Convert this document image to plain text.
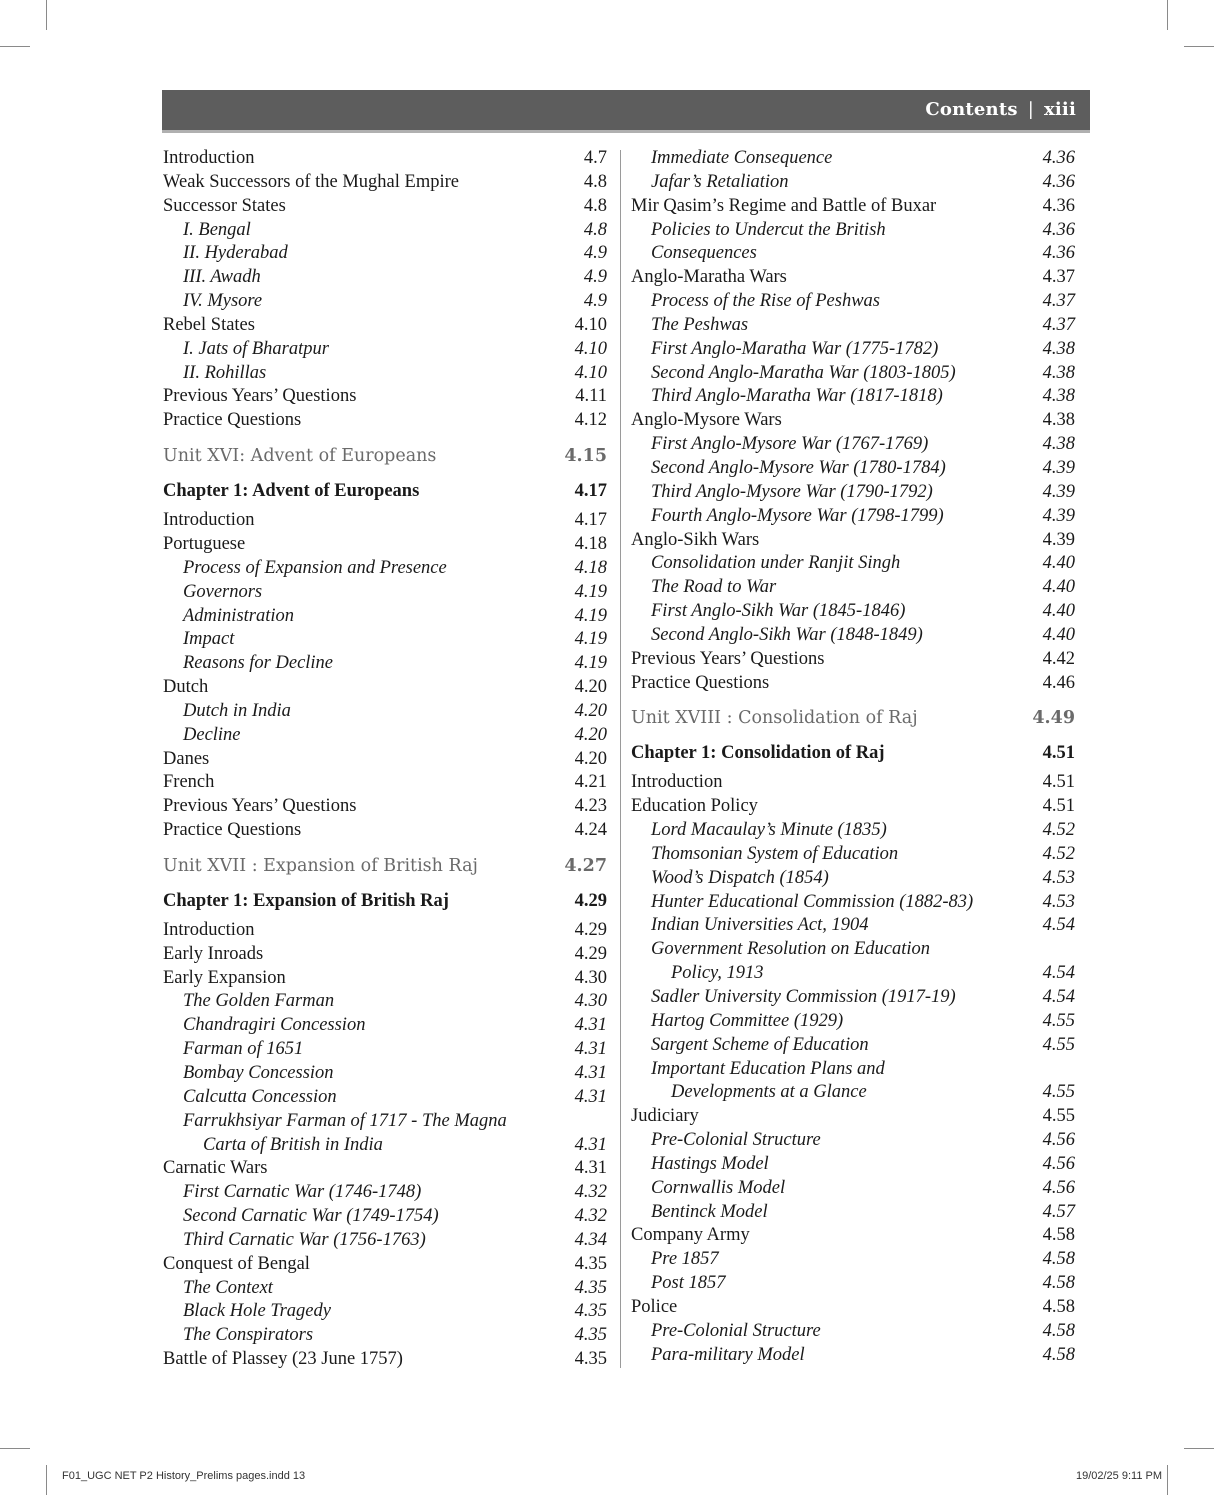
Contents | xiii
Introduction	4.7
Weak Successors of the Mughal Empire	4.8
Successor States	4.8
I. Bengal	4.8
II. Hyderabad	4.9
III. Awadh	4.9
IV. Mysore	4.9
Rebel States	4.10
I. Jats of Bharatpur	4.10
II. Rohillas	4.10
Previous Years’ Questions	4.11
Practice Questions	4.12
Unit XVI: Advent of Europeans	4.15
Chapter 1: Advent of Europeans	4.17
Introduction	4.17
Portuguese	4.18
Process of Expansion and Presence	4.18
Governors	4.19
Administration	4.19
Impact	4.19
Reasons for Decline	4.19
Dutch	4.20
Dutch in India	4.20
Decline	4.20
Danes	4.20
French	4.21
Previous Years’ Questions	4.23
Practice Questions	4.24
Unit XVII : Expansion of British Raj	4.27
Chapter 1: Expansion of British Raj	4.29
Introduction	4.29
Early Inroads	4.29
Early Expansion	4.30
The Golden Farman	4.30
Chandragiri Concession	4.31
Farman of 1651	4.31
Bombay Concession	4.31
Calcutta Concession	4.31
Farrukhsiyar Farman of 1717 - The Magna
Carta of British in India	4.31
Carnatic Wars	4.31
First Carnatic War (1746-1748)	4.32
Second Carnatic War (1749-1754)	4.32
Third Carnatic War (1756-1763)	4.34
Conquest of Bengal	4.35
The Context	4.35
Black Hole Tragedy	4.35
The Conspirators	4.35
Battle of Plassey (23 June 1757)	4.35
Immediate Consequence	4.36
Jafar’s Retaliation	4.36
Mir Qasim’s Regime and Battle of Buxar	4.36
Policies to Undercut the British	4.36
Consequences	4.36
Anglo-Maratha Wars	4.37
Process of the Rise of Peshwas	4.37
The Peshwas	4.37
First Anglo-Maratha War (1775-1782)	4.38
Second Anglo-Maratha War (1803-1805)	4.38
Third Anglo-Maratha War (1817-1818)	4.38
Anglo-Mysore Wars	4.38
First Anglo-Mysore War (1767-1769)	4.38
Second Anglo-Mysore War (1780-1784)	4.39
Third Anglo-Mysore War (1790-1792)	4.39
Fourth Anglo-Mysore War (1798-1799)	4.39
Anglo-Sikh Wars	4.39
Consolidation under Ranjit Singh	4.40
The Road to War	4.40
First Anglo-Sikh War (1845-1846)	4.40
Second Anglo-Sikh War (1848-1849)	4.40
Previous Years’ Questions	4.42
Practice Questions	4.46
Unit XVIII : Consolidation of Raj	4.49
Chapter 1: Consolidation of Raj	4.51
Introduction	4.51
Education Policy	4.51
Lord Macaulay’s Minute (1835)	4.52
Thomsonian System of Education	4.52
Wood’s Dispatch (1854)	4.53
Hunter Educational Commission (1882-83)	4.53
Indian Universities Act, 1904	4.54
Government Resolution on Education
Policy, 1913	4.54
Sadler University Commission (1917-19)	4.54
Hartog Committee (1929)	4.55
Sargent Scheme of Education	4.55
Important Education Plans and
Developments at a Glance	4.55
Judiciary	4.55
Pre-Colonial Structure	4.56
Hastings Model	4.56
Cornwallis Model	4.56
Bentinck Model	4.57
Company Army	4.58
Pre 1857	4.58
Post 1857	4.58
Police	4.58
Pre-Colonial Structure	4.58
Para-military Model	4.58
F01_UGC NET P2 History_Prelims pages.indd 13	19/02/25 9:11 PM
